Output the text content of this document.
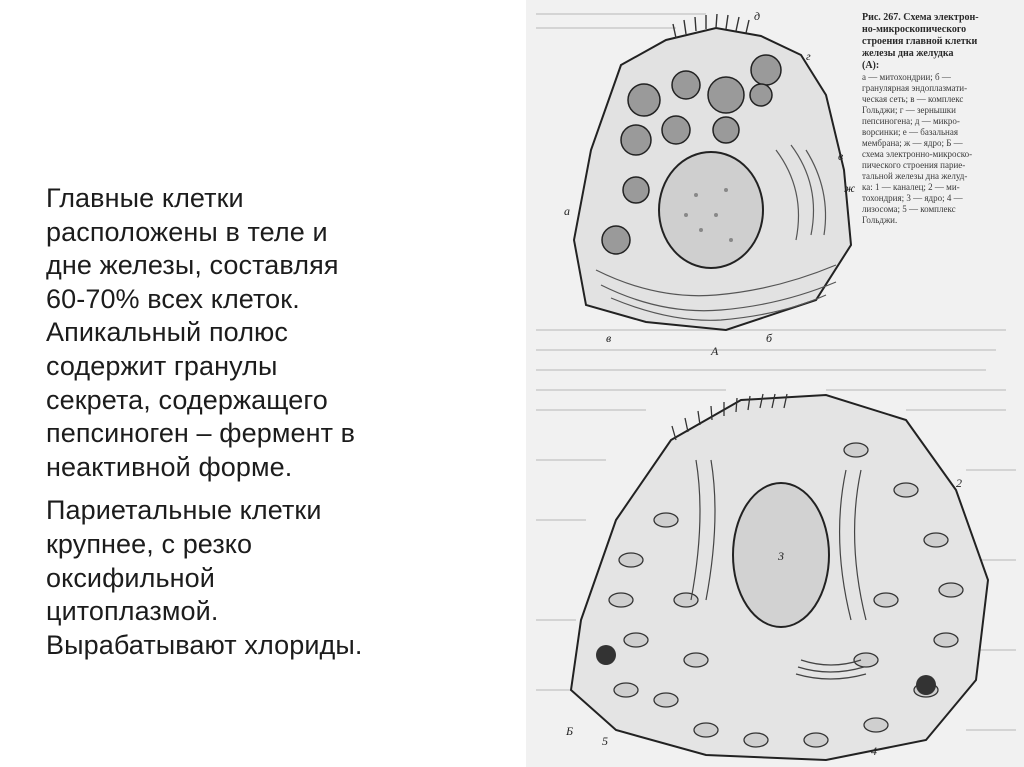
Главные клетки
расположены в теле и
дне железы, составляя
60-70% всех клеток.
Апикальный полюс
содержит гранулы
секрета, содержащего
пепсиноген – фермент в
неактивной форме.

Париетальные клетки
крупнее, с резко
оксифильной
цитоплазмой.
Вырабатывают хлориды.

д
г
в
ж
а
в	б
А
Рис. 267. Схема электрон-
но-микроскопического
строения главной клетки
железы дна желудка
(А):
а — митохондрии; б —
гранулярная эндоплазмати-
ческая сеть; в — комплекс
Гольджи; г — зернышки
пепсиногена; д — микро-
ворсинки; е — базальная
мембрана; ж — ядро; Б —
схема электронно-микроско-
пического строения парие-
тальной железы дна желуд-
ка: 1 — каналец; 2 — ми-
тохондрия; 3 — ядро; 4 —
лизосома; 5 — комплекс
Гольджи.
3
2
4
5
Б
